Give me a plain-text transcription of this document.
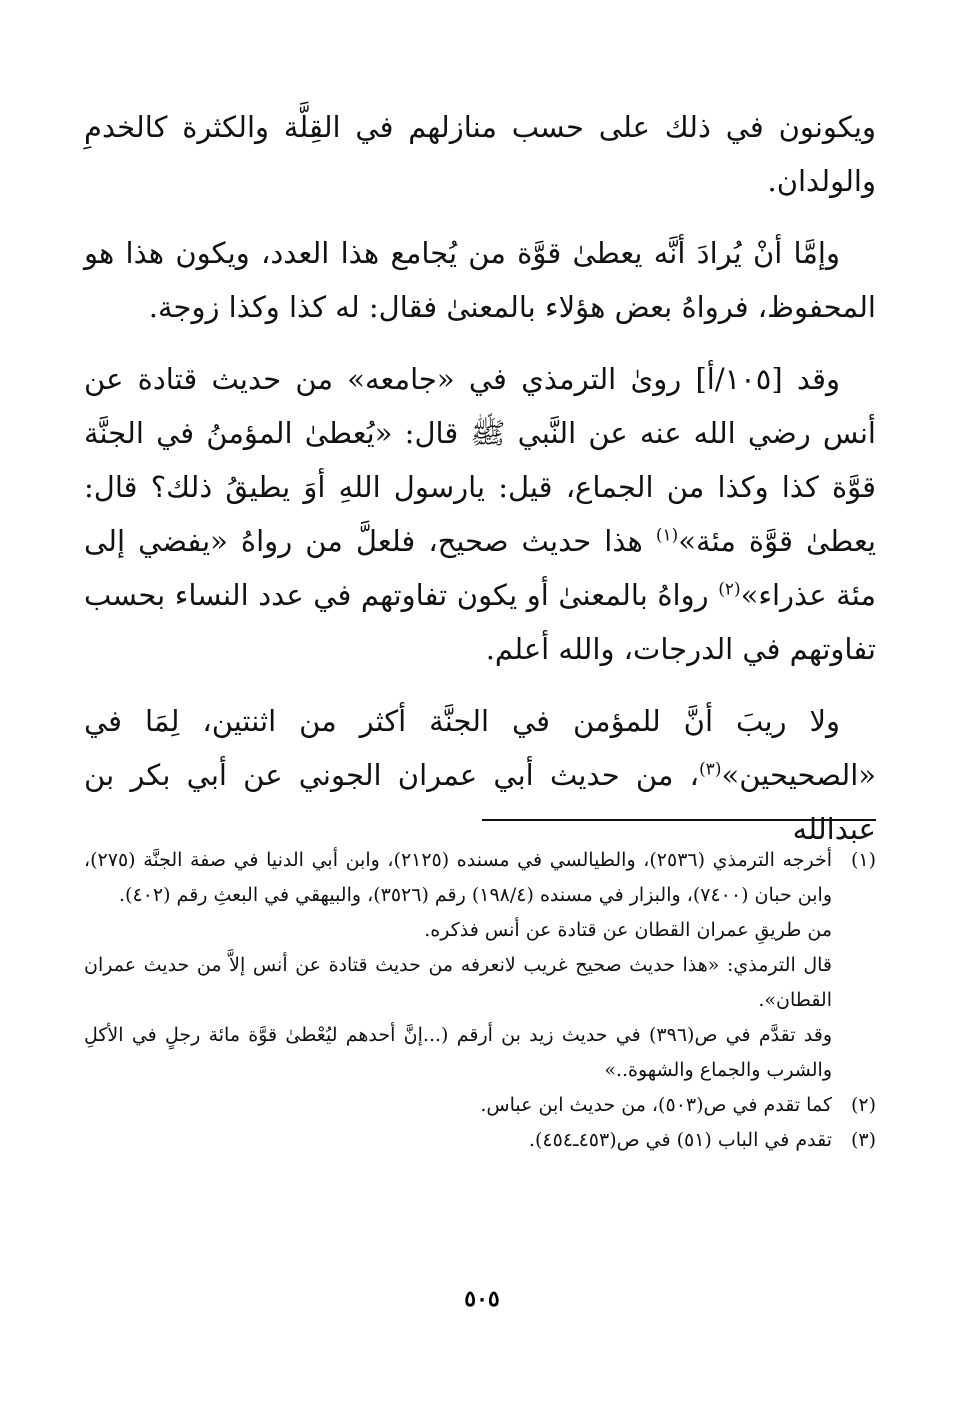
ويكونون في ذلك على حسب منازلهم في القِلَّة والكثرة كالخدمِ والولدان.

وإمَّا أنْ يُرادَ أنَّه يعطىٰ قوَّة من يُجامع هذا العدد، ويكون هذا هو المحفوظ، فرواهُ بعض هؤلاء بالمعنىٰ فقال: له كذا وكذا زوجة.

وقد [١٠٥/أ] روىٰ الترمذي في «جامعه» من حديث قتادة عن أنس رضي الله عنه عن النَّبي ﷺ قال: «يُعطىٰ المؤمنُ في الجنَّة قوَّة كذا وكذا من الجماع، قيل: يارسول اللهِ أوَ يطيقُ ذلك؟ قال: يعطىٰ قوَّة مئة»$^{(١)}$ هذا حديث صحيح، فلعلَّ من رواهُ «يفضي إلى مئة عذراء»$^{(٢)}$ رواهُ بالمعنىٰ أو يكون تفاوتهم في عدد النساء بحسب تفاوتهم في الدرجات، والله أعلم.

ولا ريبَ أنَّ للمؤمن في الجنَّة أكثر من اثنتين، لِمَا في «الصحيحين»$^{(٣)}$، من حديث أبي عمران الجوني عن أبي بكر بن عبدالله

(١)
أخرجه الترمذي (٢٥٣٦)، والطيالسي في مسنده (٢١٢٥)، وابن أبي الدنيا في صفة الجنَّة (٢٧٥)، وابن حبان (٧٤٠٠)، والبزار في مسنده (١٩٨/٤) رقم (٣٥٢٦)، والبيهقي في البعثِ رقم (٤٠٢).
من طريقِ عمران القطان عن قتادة عن أنس فذكره.
قال الترمذي: «هذا حديث صحيح غريب لانعرفه من حديث قتادة عن أنس إلاَّ من حديث عمران القطان».
وقد تقدَّم في ص(٣٩٦) في حديث زيد بن أرقم (...إنَّ أحدهم ليُعْطىٰ قوَّة مائة رجلٍ في الأكلِ والشرب والجماع والشهوة..»
(٢)
كما تقدم في ص(٥٠٣)، من حديث ابن عباس.
(٣)
تقدم في الباب (٥١) في ص(٤٥٣ـ٤٥٤).
٥٠٥
